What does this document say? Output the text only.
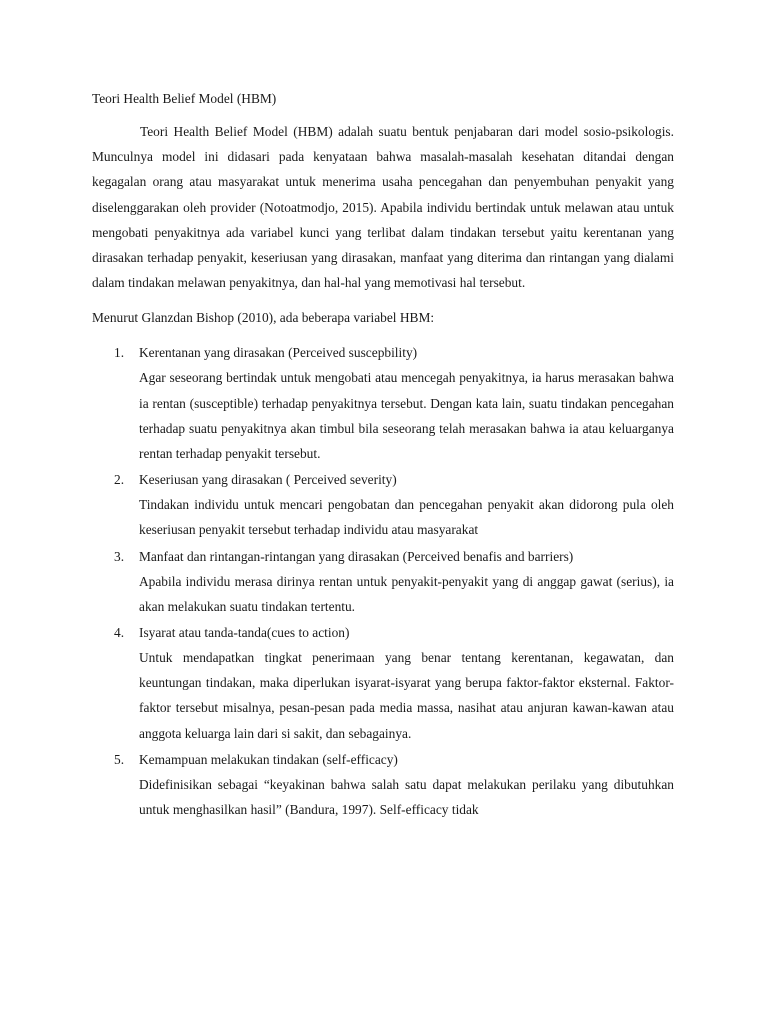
Teori Health Belief Model (HBM)

Teori Health Belief Model (HBM) adalah suatu bentuk penjabaran dari model sosio-psikologis. Munculnya model ini didasari pada kenyataan bahwa masalah-masalah kesehatan ditandai dengan kegagalan orang atau masyarakat untuk menerima usaha pencegahan dan penyembuhan penyakit yang diselenggarakan oleh provider (Notoatmodjo, 2015). Apabila individu bertindak untuk melawan atau untuk mengobati penyakitnya ada variabel kunci yang terlibat dalam tindakan tersebut yaitu kerentanan yang dirasakan terhadap penyakit, keseriusan yang dirasakan, manfaat yang diterima dan rintangan yang dialami dalam tindakan melawan penyakitnya, dan hal-hal yang memotivasi hal tersebut.

Menurut Glanzdan Bishop (2010), ada beberapa variabel HBM:

1. Kerentanan yang dirasakan (Perceived suscepbility)
Agar seseorang bertindak untuk mengobati atau mencegah penyakitnya, ia harus merasakan bahwa ia rentan (susceptible) terhadap penyakitnya tersebut. Dengan kata lain, suatu tindakan pencegahan terhadap suatu penyakitnya akan timbul bila seseorang telah merasakan bahwa ia atau keluarganya rentan terhadap penyakit tersebut.
2. Keseriusan yang dirasakan ( Perceived severity)
Tindakan individu untuk mencari pengobatan dan pencegahan penyakit akan didorong pula oleh keseriusan penyakit tersebut terhadap individu atau masyarakat
3. Manfaat dan rintangan-rintangan yang dirasakan (Perceived benafis and barriers)
Apabila individu merasa dirinya rentan untuk penyakit-penyakit yang di anggap gawat (serius), ia akan melakukan suatu tindakan tertentu.
4. Isyarat atau tanda-tanda(cues to action)
Untuk mendapatkan tingkat penerimaan yang benar tentang kerentanan, kegawatan, dan keuntungan tindakan, maka diperlukan isyarat-isyarat yang berupa faktor-faktor eksternal. Faktor-faktor tersebut misalnya, pesan-pesan pada media massa, nasihat atau anjuran kawan-kawan atau anggota keluarga lain dari si sakit, dan sebagainya.
5. Kemampuan melakukan tindakan (self-efficacy)
Didefinisikan sebagai “keyakinan bahwa salah satu dapat melakukan perilaku yang dibutuhkan untuk menghasilkan hasil” (Bandura, 1997). Self-efficacy tidak
